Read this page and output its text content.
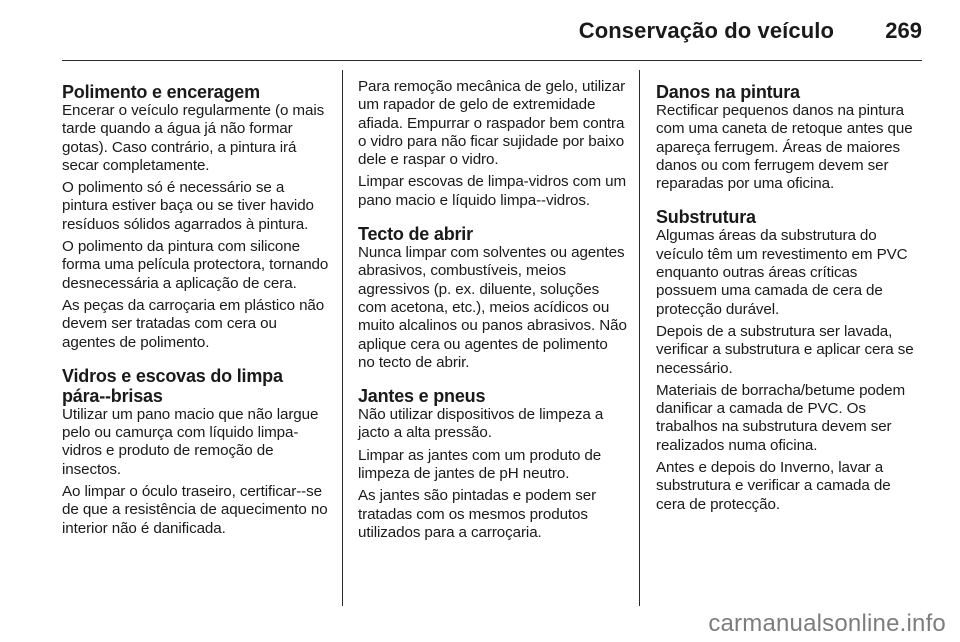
Conservação do veículo 269
Polimento e enceragem

Encerar o veículo regularmente (o mais tarde quando a água já não formar gotas). Caso contrário, a pintura irá secar completamente.

O polimento só é necessário se a pintura estiver baça ou se tiver havido resíduos sólidos agarrados à pintura.

O polimento da pintura com silicone forma uma película protectora, tornando desnecessária a aplicação de cera.

As peças da carroçaria em plástico não devem ser tratadas com cera ou agentes de polimento.

Vidros e escovas do limpa pára-‑brisas

Utilizar um pano macio que não largue pelo ou camurça com líquido limpa-vidros e produto de remoção de insectos.

Ao limpar o óculo traseiro, certificar-‑se de que a resistência de aquecimento no interior não é danificada.

Para remoção mecânica de gelo, utilizar um rapador de gelo de extremidade afiada. Empurrar o raspador bem contra o vidro para não ficar sujidade por baixo dele e raspar o vidro.

Limpar escovas de limpa-vidros com um pano macio e líquido limpa-‑vidros.

Tecto de abrir

Nunca limpar com solventes ou agentes abrasivos, combustíveis, meios agressivos (p. ex. diluente, soluções com acetona, etc.), meios acídicos ou muito alcalinos ou panos abrasivos. Não aplique cera ou agentes de polimento no tecto de abrir.

Jantes e pneus

Não utilizar dispositivos de limpeza a jacto a alta pressão.

Limpar as jantes com um produto de limpeza de jantes de pH neutro.

As jantes são pintadas e podem ser tratadas com os mesmos produtos utilizados para a carroçaria.

Danos na pintura

Rectificar pequenos danos na pintura com uma caneta de retoque antes que apareça ferrugem. Áreas de maiores danos ou com ferrugem devem ser reparadas por uma oficina.

Substrutura

Algumas áreas da substrutura do veículo têm um revestimento em PVC enquanto outras áreas críticas possuem uma camada de cera de protecção durável.

Depois de a substrutura ser lavada, verificar a substrutura e aplicar cera se necessário.

Materiais de borracha/betume podem danificar a camada de PVC. Os trabalhos na substrutura devem ser realizados numa oficina.

Antes e depois do Inverno, lavar a substrutura e verificar a camada de cera de protecção.

carmanualsonline.info
